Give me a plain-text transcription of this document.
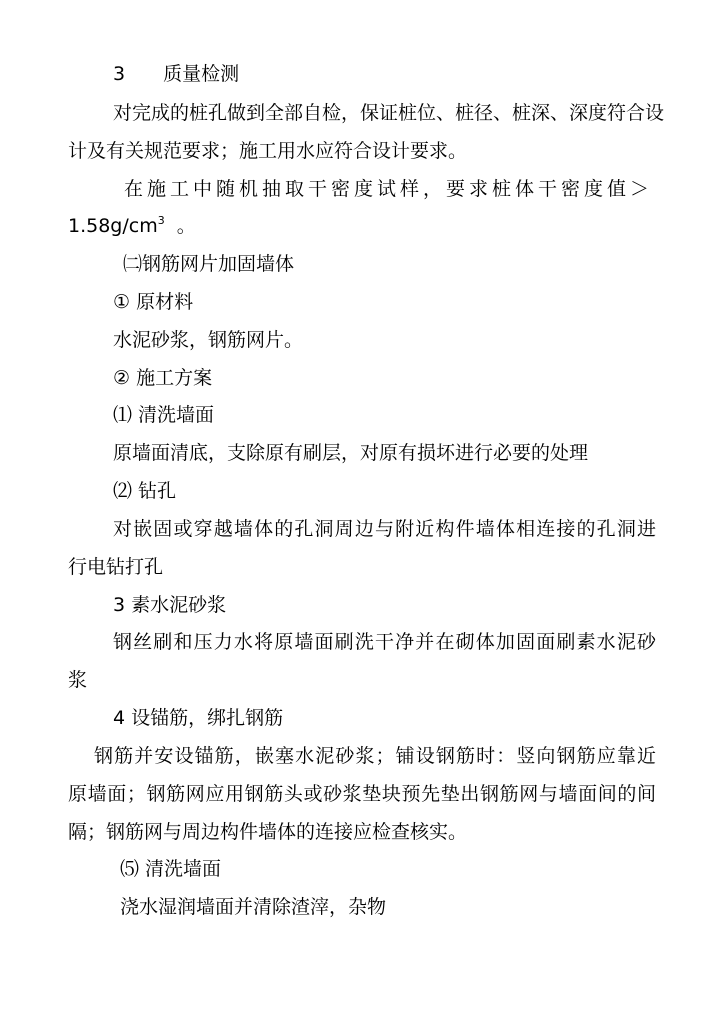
3 质量检测
对完成的桩孔做到全部自检，保证桩位、桩径、桩深、深度符合设
计及有关规范要求；施工用水应符合设计要求。
在施工中随机抽取干密度试样，要求桩体干密度值＞
$1.58g/cm^3$ 。
㈡钢筋网片加固墙体
① 原材料
水泥砂浆，钢筋网片。
② 施工方案
⑴ 清洗墙面
原墙面清底，支除原有刷层，对原有损坏进行必要的处理
⑵ 钻孔
对嵌固或穿越墙体的孔洞周边与附近构件墙体相连接的孔洞进
行电钻打孔
3 素水泥砂浆
钢丝刷和压力水将原墙面刷洗干净并在砌体加固面刷素水泥砂
浆
4 设锚筋，绑扎钢筋
钢筋并安设锚筋，嵌塞水泥砂浆；铺设钢筋时：竖向钢筋应靠近
原墙面；钢筋网应用钢筋头或砂浆垫块预先垫出钢筋网与墙面间的间
隔；钢筋网与周边构件墙体的连接应检查核实。
⑸ 清洗墙面
浇水湿润墙面并清除渣滓，杂物
